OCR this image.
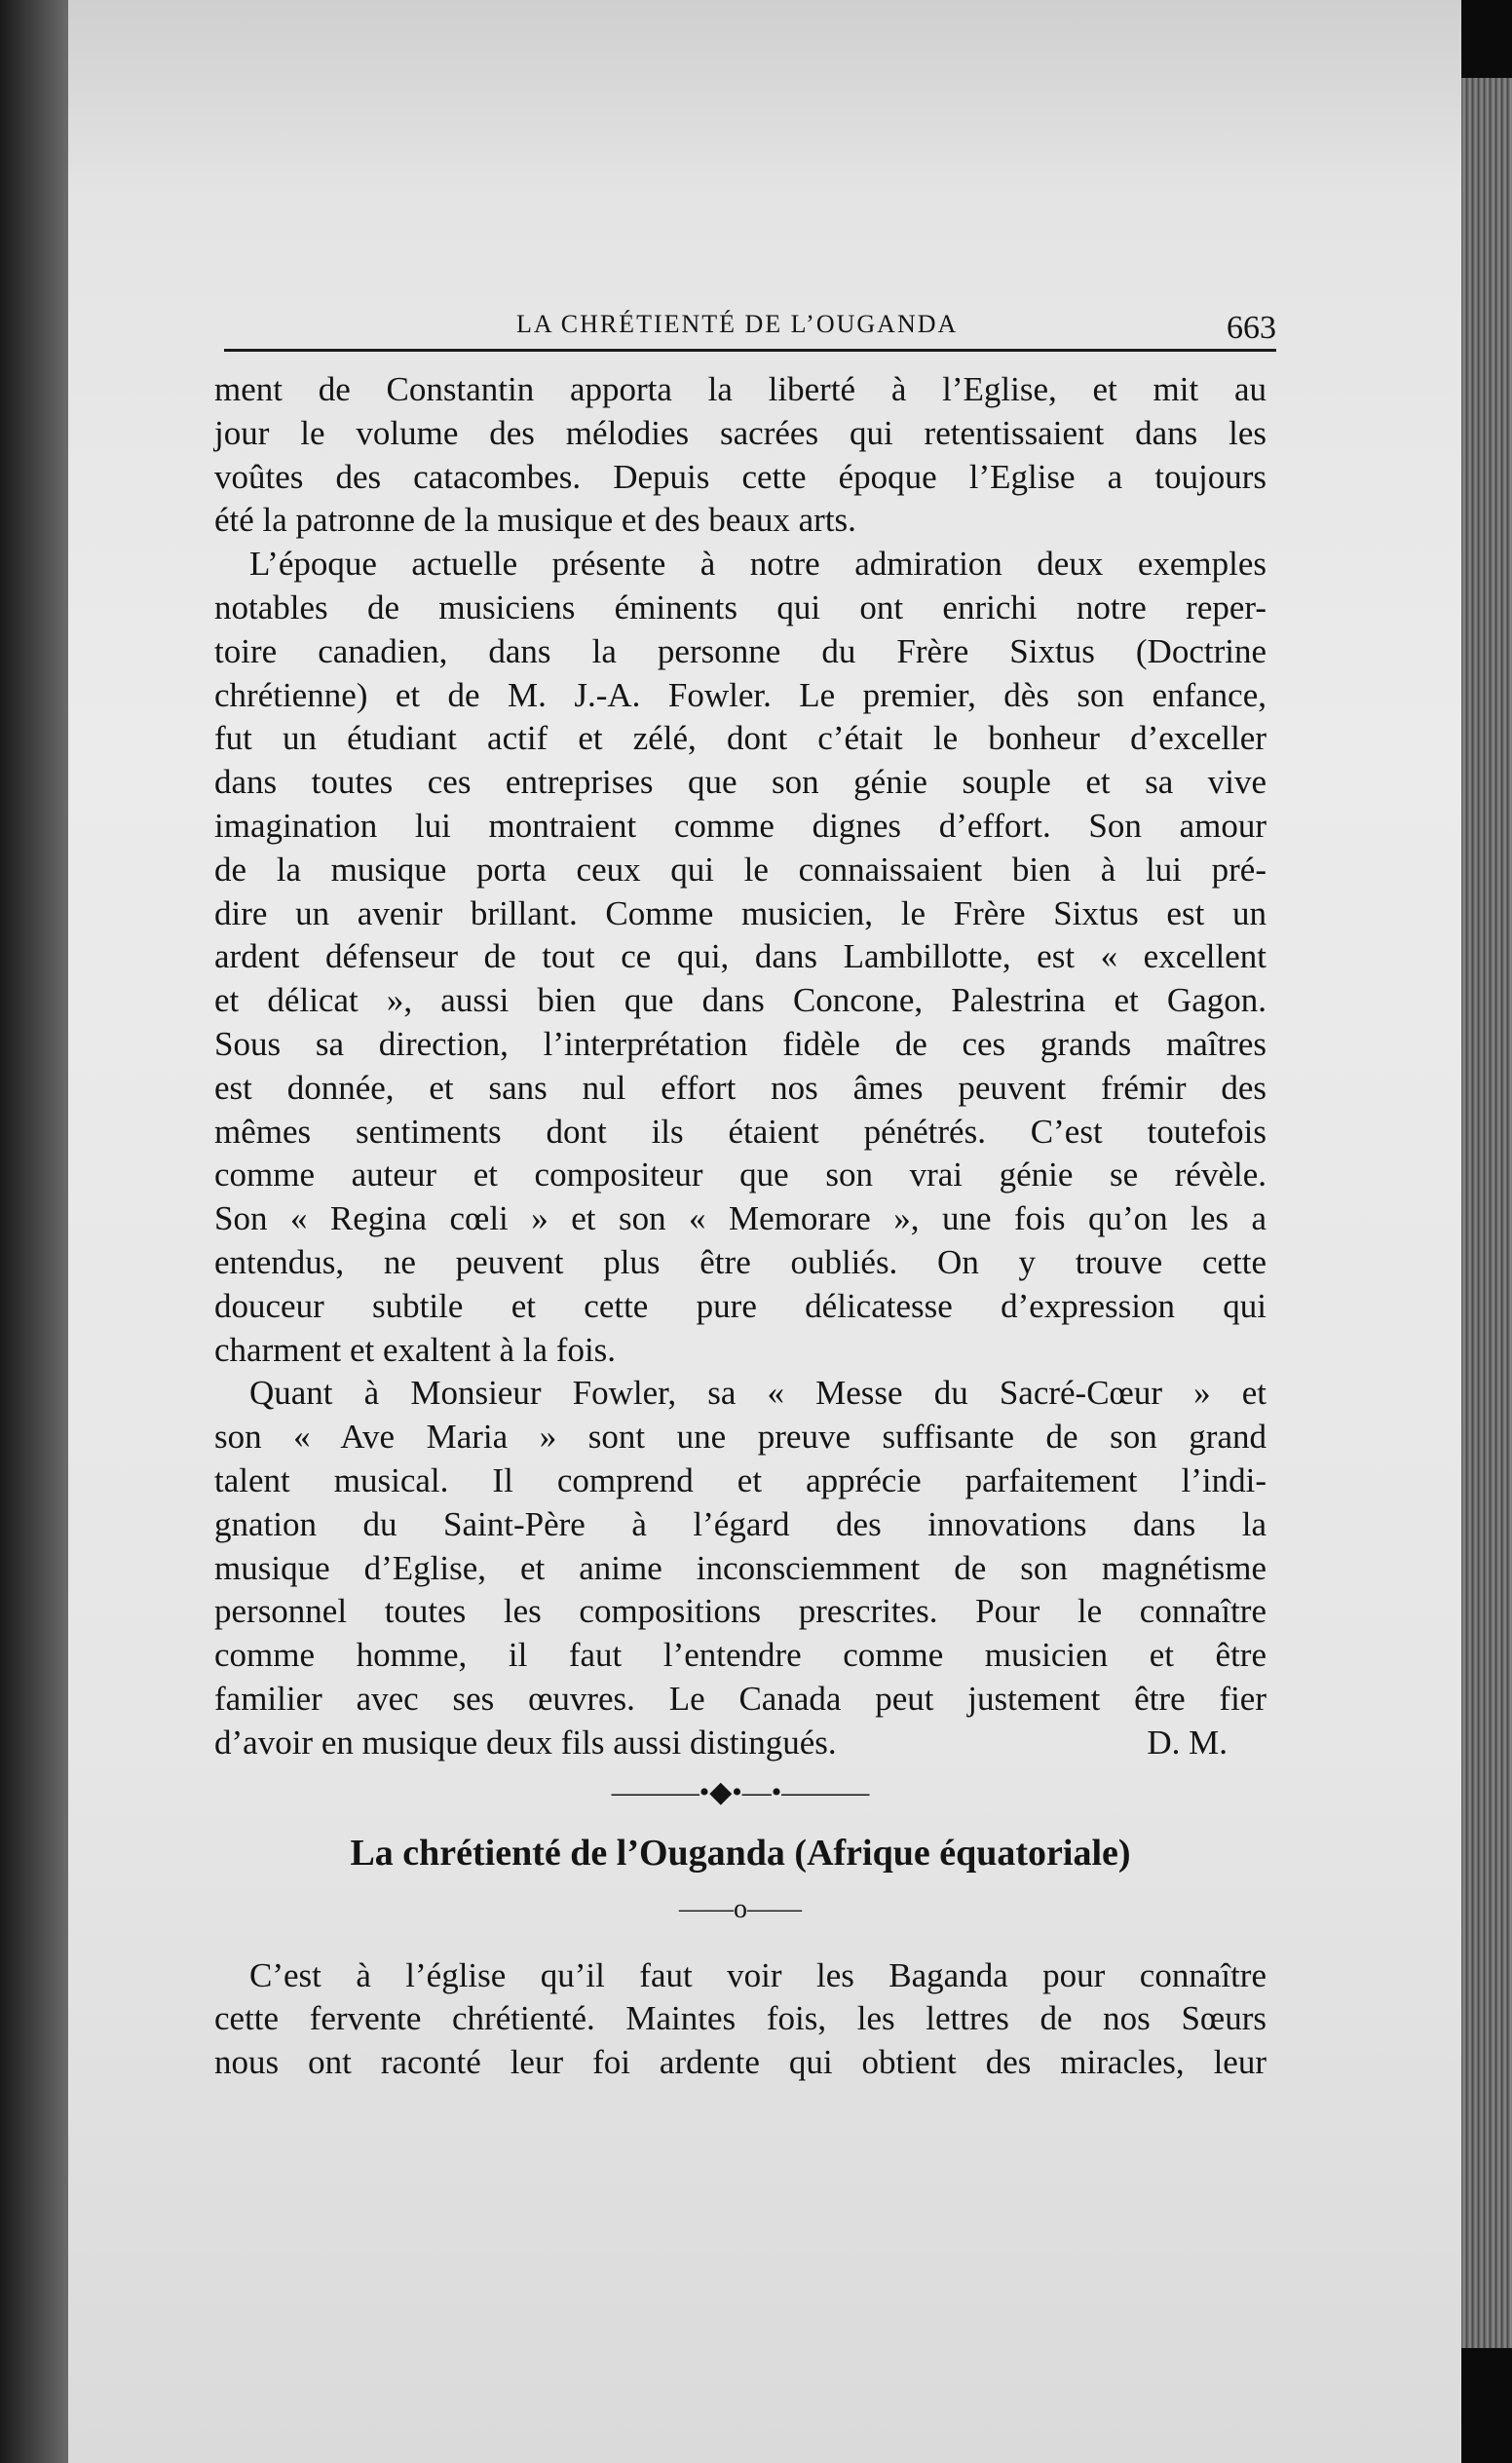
LA CHRÉTIENTÉ DE L’OUGANDA	663
ment de Constantin apporta la liberté à l’Eglise, et mit au
jour le volume des mélodies sacrées qui retentissaient dans les
voûtes des catacombes. Depuis cette époque l’Eglise a toujours
été la patronne de la musique et des beaux arts.
L’époque actuelle présente à notre admiration deux exemples
notables de musiciens éminents qui ont enrichi notre reper-
toire canadien, dans la personne du Frère Sixtus (Doctrine
chrétienne) et de M. J.-A. Fowler. Le premier, dès son enfance,
fut un étudiant actif et zélé, dont c’était le bonheur d’exceller
dans toutes ces entreprises que son génie souple et sa vive
imagination lui montraient comme dignes d’effort. Son amour
de la musique porta ceux qui le connaissaient bien à lui pré-
dire un avenir brillant. Comme musicien, le Frère Sixtus est un
ardent défenseur de tout ce qui, dans Lambillotte, est « excellent
et délicat », aussi bien que dans Concone, Palestrina et Gagon.
Sous sa direction, l’interprétation fidèle de ces grands maîtres
est donnée, et sans nul effort nos âmes peuvent frémir des
mêmes sentiments dont ils étaient pénétrés. C’est toutefois
comme auteur et compositeur que son vrai génie se révèle.
Son « Regina cœli » et son « Memorare », une fois qu’on les a
entendus, ne peuvent plus être oubliés. On y trouve cette
douceur subtile et cette pure délicatesse d’expression qui
charment et exaltent à la fois.
Quant à Monsieur Fowler, sa « Messe du Sacré-Cœur » et
son « Ave Maria » sont une preuve suffisante de son grand
talent musical. Il comprend et apprécie parfaitement l’indi-
gnation du Saint-Père à l’égard des innovations dans la
musique d’Eglise, et anime inconsciemment de son magnétisme
personnel toutes les compositions prescrites. Pour le connaître
comme homme, il faut l’entendre comme musicien et être
familier avec ses œuvres. Le Canada peut justement être fier
d’avoir en musique deux fils aussi distingués.	D. M.
———•◆•—•———
La chrétienté de l’Ouganda (Afrique équatoriale)
——o——
C’est à l’église qu’il faut voir les Baganda pour connaître
cette fervente chrétienté. Maintes fois, les lettres de nos Sœurs
nous ont raconté leur foi ardente qui obtient des miracles, leur
